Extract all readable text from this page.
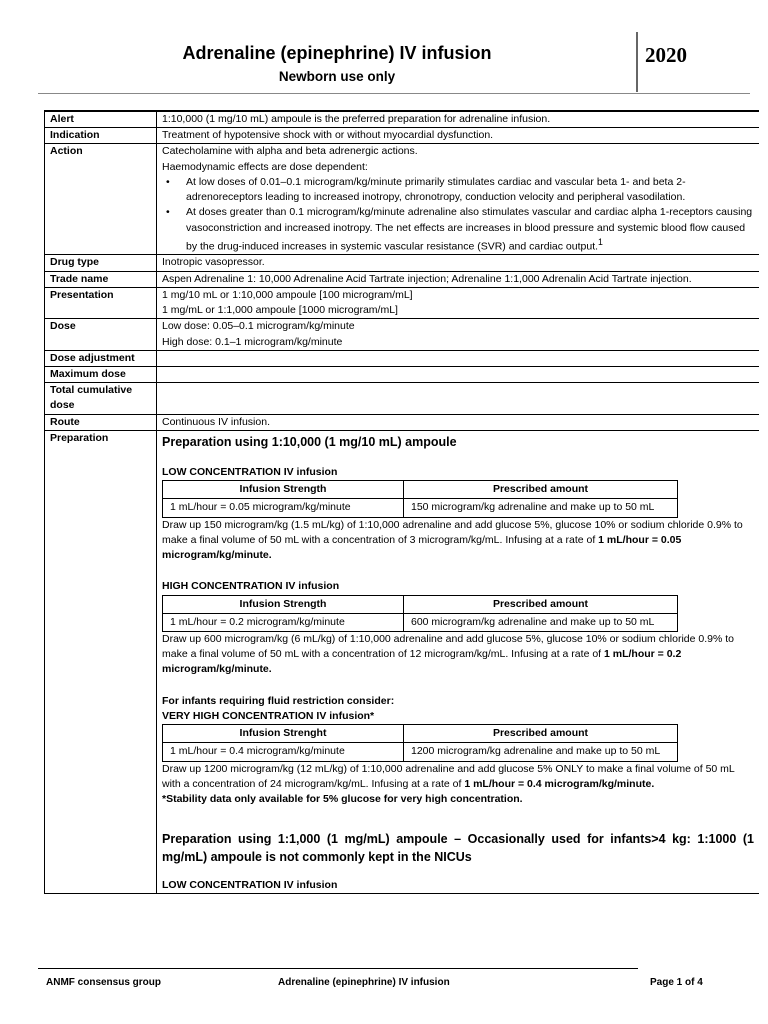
Adrenaline (epinephrine) IV infusion
Newborn use only
2020
Alert	1:10,000 (1 mg/10 mL) ampoule is the preferred preparation for adrenaline infusion.
Indication	Treatment of hypotensive shock with or without myocardial dysfunction.
Action	Catecholamine with alpha and beta adrenergic actions.
Haemodynamic effects are dose dependent:
• At low doses of 0.01–0.1 microgram/kg/minute primarily stimulates cardiac and vascular beta 1- and beta 2-adrenoreceptors leading to increased inotropy, chronotropy, conduction velocity and peripheral vasodilation.
• At doses greater than 0.1 microgram/kg/minute adrenaline also stimulates vascular and cardiac alpha 1-receptors causing vasoconstriction and increased inotropy. The net effects are increases in blood pressure and systemic blood flow caused by the drug-induced increases in systemic vascular resistance (SVR) and cardiac output.$^1$

Drug type	Inotropic vasopressor.
Trade name	Aspen Adrenaline 1: 10,000 Adrenaline Acid Tartrate injection; Adrenaline 1:1,000 Adrenalin Acid Tartrate injection.
Presentation	1 mg/10 mL or 1:10,000 ampoule [100 microgram/mL]
1 mg/mL or 1:1,000 ampoule [1000 microgram/mL]

Dose	Low dose: 0.05–0.1 microgram/kg/minute
High dose: 0.1–1 microgram/kg/minute

Dose adjustment	
Maximum dose	
Total cumulative dose	
Route	Continuous IV infusion.
Preparation	Preparation using 1:10,000 (1 mg/10 mL) ampoule
LOW CONCENTRATION IV infusion
Infusion Strength	Prescribed amount
1 mL/hour = 0.05 microgram/kg/minute	150 microgram/kg adrenaline and make up to 50 mL
Draw up 150 microgram/kg (1.5 mL/kg) of 1:10,000 adrenaline and add glucose 5%, glucose 10% or sodium chloride 0.9% to make a final volume of 50 mL with a concentration of 3 microgram/kg/mL. Infusing at a rate of 1 mL/hour = 0.05 microgram/kg/minute.
HIGH CONCENTRATION IV infusion
Infusion Strength	Prescribed amount
1 mL/hour = 0.2 microgram/kg/minute	600 microgram/kg adrenaline and make up to 50 mL
Draw up 600 microgram/kg (6 mL/kg) of 1:10,000 adrenaline and add glucose 5%, glucose 10% or sodium chloride 0.9% to make a final volume of 50 mL with a concentration of 12 microgram/kg/mL. Infusing at a rate of 1 mL/hour = 0.2 microgram/kg/minute.
For infants requiring fluid restriction consider:
VERY HIGH CONCENTRATION IV infusion*
Infusion Strenght	Prescribed amount
1 mL/hour = 0.4 microgram/kg/minute	1200 microgram/kg adrenaline and make up to 50 mL
Draw up 1200 microgram/kg (12 mL/kg) of 1:10,000 adrenaline and add glucose 5% ONLY to make a final volume of 50 mL with a concentration of 24 microgram/kg/mL. Infusing at a rate of 1 mL/hour = 0.4 microgram/kg/minute.
*Stability data only available for 5% glucose for very high concentration.
Preparation using 1:1,000 (1 mg/mL) ampoule – Occasionally used for infants>4 kg: 1:1000 (1 mg/mL) ampoule is not commonly kept in the NICUs
LOW CONCENTRATION IV infusion
ANMF consensus group	Adrenaline (epinephrine) IV infusion	Page 1 of 4
